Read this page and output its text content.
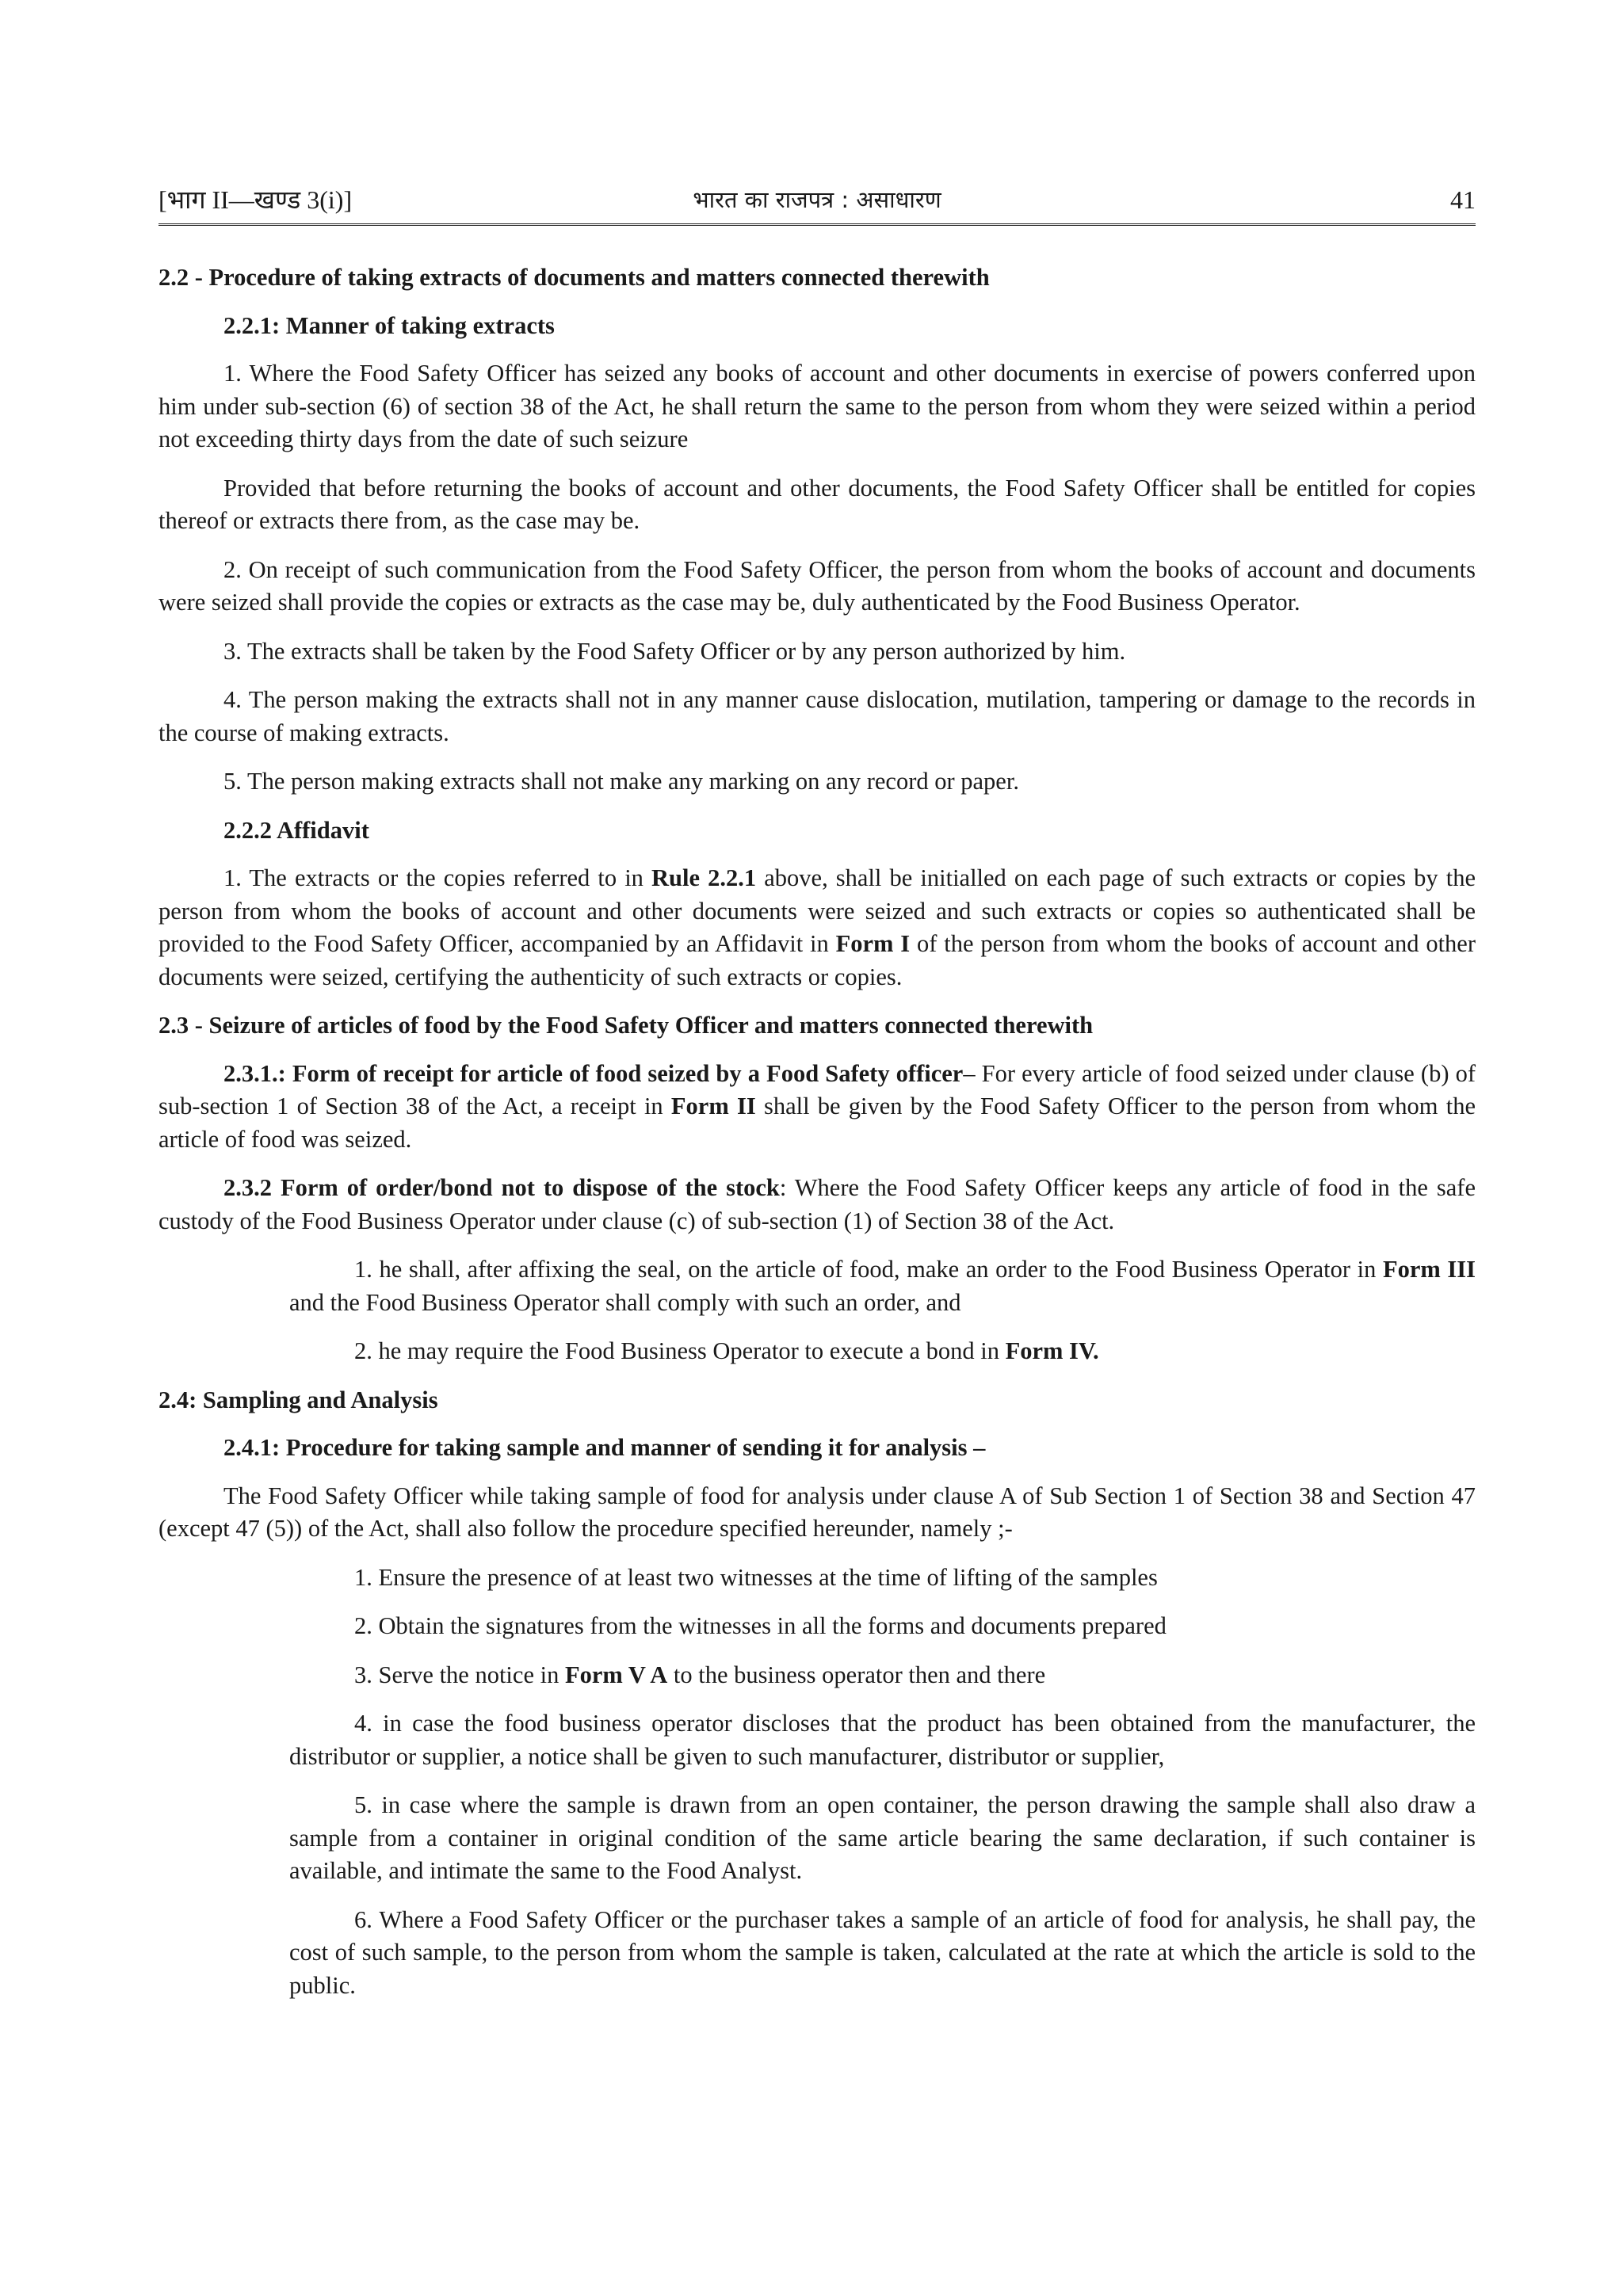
[भाग II—खण्ड 3(i)]	भारत का राजपत्र : असाधारण	41
2.2 - Procedure of taking extracts of documents and matters connected therewith
2.2.1: Manner of taking extracts

1. Where the Food Safety Officer has seized any books of account and other documents in exercise of powers conferred upon him under sub-section (6) of section 38 of the Act, he shall return the same to the person from whom they were seized within a period not exceeding thirty days from the date of such seizure

Provided that before returning the books of account and other documents, the Food Safety Officer shall be entitled for copies thereof or extracts there from, as the case may be.

2. On receipt of such communication from the Food Safety Officer, the person from whom the books of account and documents were seized shall provide the copies or extracts as the case may be, duly authenticated by the Food Business Operator.

3. The extracts shall be taken by the Food Safety Officer or by any person authorized by him.

4. The person making the extracts shall not in any manner cause dislocation, mutilation, tampering or damage to the records in the course of making extracts.

5. The person making extracts shall not make any marking on any record or paper.

2.2.2 Affidavit

1. The extracts or the copies referred to in Rule 2.2.1 above, shall be initialled on each page of such extracts or copies by the person from whom the books of account and other documents were seized and such extracts or copies so authenticated shall be provided to the Food Safety Officer, accompanied by an Affidavit in Form I of the person from whom the books of account and other documents were seized, certifying the authenticity of such extracts or copies.

2.3 - Seizure of articles of food by the Food Safety Officer and matters connected therewith

2.3.1.: Form of receipt for article of food seized by a Food Safety officer– For every article of food seized under clause (b) of sub-section 1 of Section 38 of the Act, a receipt in Form II shall be given by the Food Safety Officer to the person from whom the article of food was seized.

2.3.2 Form of order/bond not to dispose of the stock: Where the Food Safety Officer keeps any article of food in the safe custody of the Food Business Operator under clause (c) of sub-section (1) of Section 38 of the Act.

1. he shall, after affixing the seal, on the article of food, make an order to the Food Business Operator in Form III and the Food Business Operator shall comply with such an order, and

2. he may require the Food Business Operator to execute a bond in Form IV.

2.4: Sampling and Analysis
2.4.1: Procedure for taking sample and manner of sending it for analysis –

The Food Safety Officer while taking sample of food for analysis under clause A of Sub Section 1 of Section 38 and Section 47 (except 47 (5)) of the Act, shall also follow the procedure specified hereunder, namely ;-

1. Ensure the presence of at least two witnesses at the time of lifting of the samples

2. Obtain the signatures from the witnesses in all the forms and documents prepared

3. Serve the notice in Form V A to the business operator then and there

4. in case the food business operator discloses that the product has been obtained from the manufacturer, the distributor or supplier, a notice shall be given to such manufacturer, distributor or supplier,

5. in case where the sample is drawn from an open container, the person drawing the sample shall also draw a sample from a container in original condition of the same article bearing the same declaration, if such container is available, and intimate the same to the Food Analyst.

6. Where a Food Safety Officer or the purchaser takes a sample of an article of food for analysis, he shall pay, the cost of such sample, to the person from whom the sample is taken, calculated at the rate at which the article is sold to the public.
